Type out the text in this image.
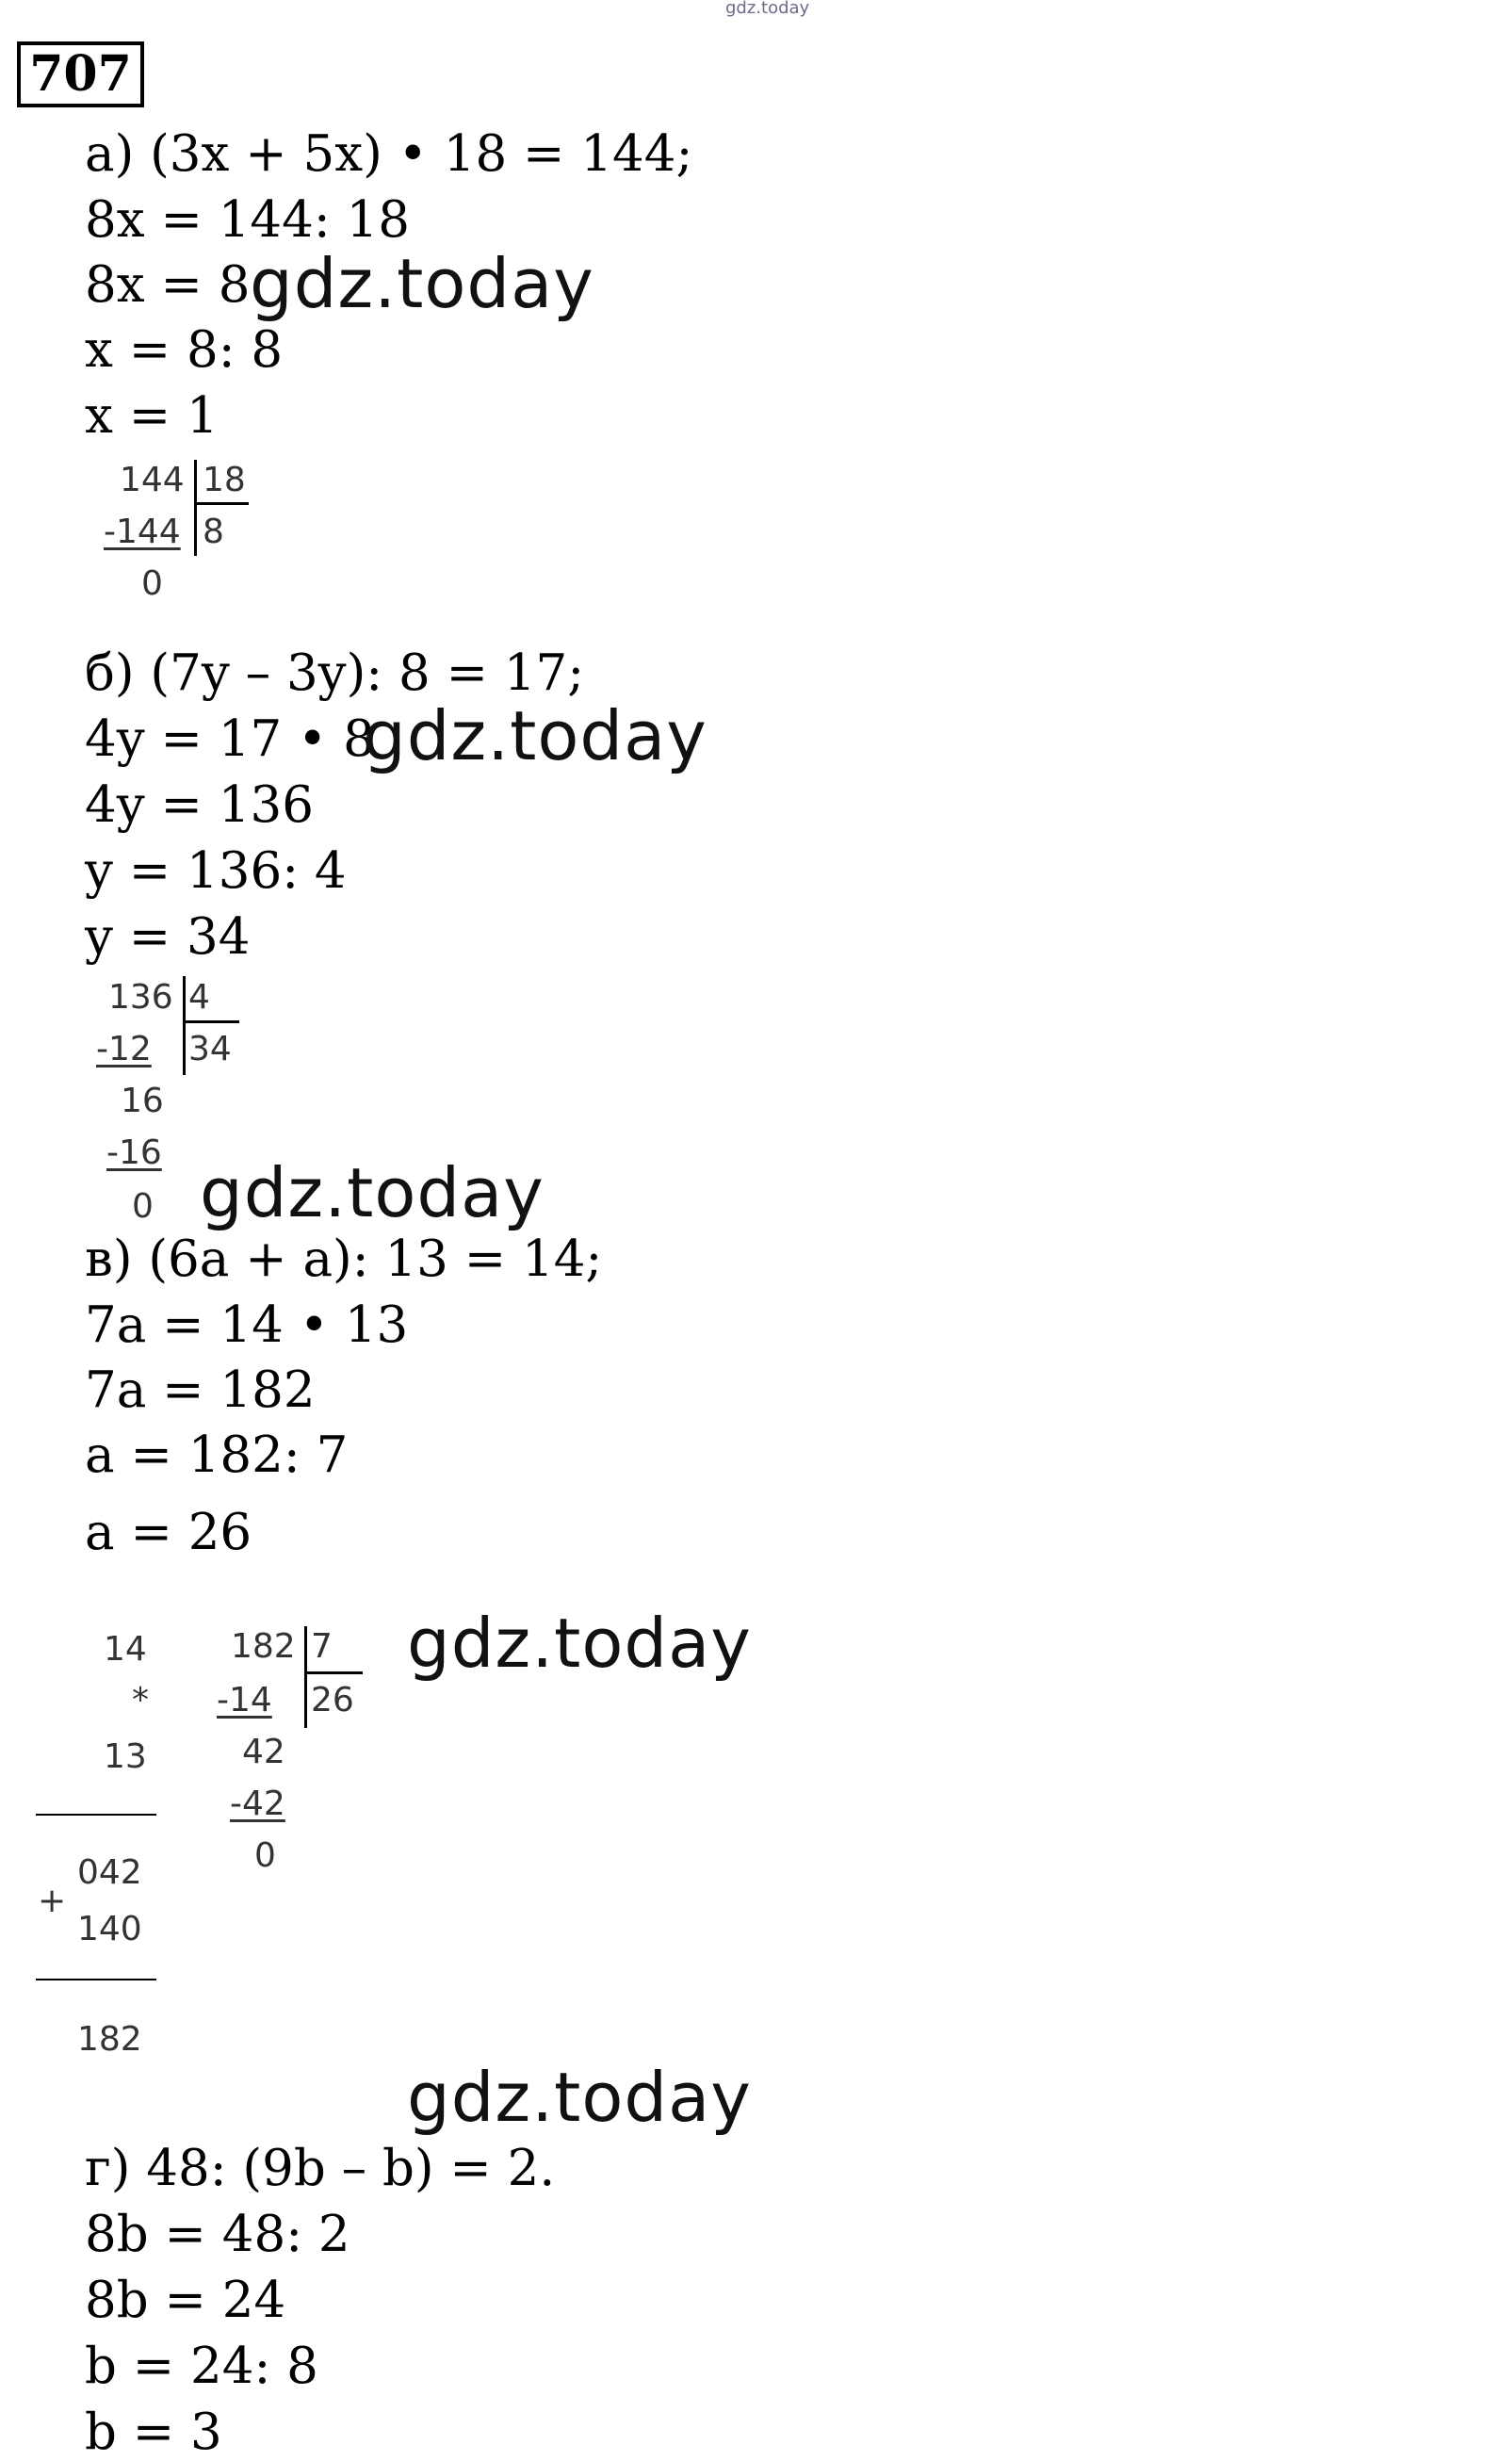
gdz.today
707
а) (3x + 5x) • 18 = 144;
8x = 144: 18
8x = 8 gdz.today
x = 8: 8
x = 1
144 18
-144 8
0
б) (7y – 3y): 8 = 17;
4y = 17 • 8
gdz.today
4y = 136
y = 136: 4
y = 34
136 4
-12 34
16
-16
0 gdz.today
в) (6a + a): 13 = 14;
7a = 14 • 13
7a = 182
a = 182: 7
a = 26
14
*
13
042
+
140
182
182 7
-14 26
42
-42
0
gdz.today
gdz.today
г) 48: (9b – b) = 2.
8b = 48: 2
8b = 24
b = 24: 8
b = 3
